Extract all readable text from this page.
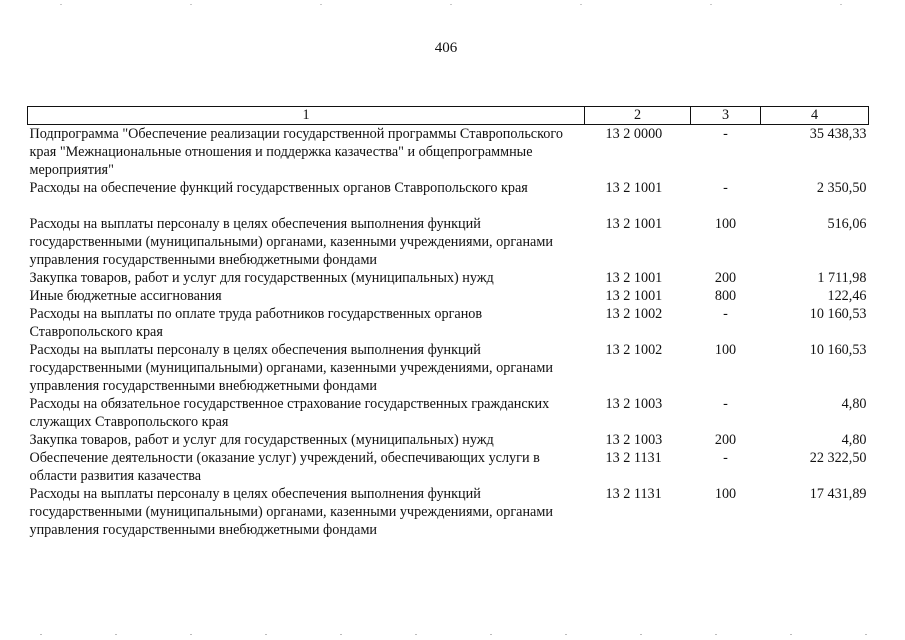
406
1	2	3	4
Подпрограмма "Обеспечение реализации государственной программы Ставропольского края "Межнациональные отношения и поддержка казачества" и общепрограммные мероприятия"	13 2 0000	-	35 438,33
Расходы на обеспечение функций государственных органов Ставропольского края	13 2 1001	-	2 350,50
Расходы на выплаты персоналу в целях обеспечения выполнения функций государственными (муниципальными) органами, казенными учреждениями, органами управления государственными внебюджетными фондами	13 2 1001	100	516,06
Закупка товаров, работ и услуг для государственных (муниципальных) нужд	13 2 1001	200	1 711,98
Иные бюджетные ассигнования	13 2 1001	800	122,46
Расходы на выплаты по оплате труда работников государственных органов Ставропольского края	13 2 1002	-	10 160,53
Расходы на выплаты персоналу в целях обеспечения выполнения функций государственными (муниципальными) органами, казенными учреждениями, органами управления государственными внебюджетными фондами	13 2 1002	100	10 160,53
Расходы на обязательное государственное страхование государственных гражданских служащих Ставропольского края	13 2 1003	-	4,80
Закупка товаров, работ и услуг для государственных (муниципальных) нужд	13 2 1003	200	4,80
Обеспечение деятельности (оказание услуг) учреждений, обеспечивающих услуги в области развития казачества	13 2 1131	-	22 322,50
Расходы на выплаты персоналу в целях обеспечения выполнения функций государственными (муниципальными) органами, казенными учреждениями, органами управления государственными внебюджетными фондами	13 2 1131	100	17 431,89
